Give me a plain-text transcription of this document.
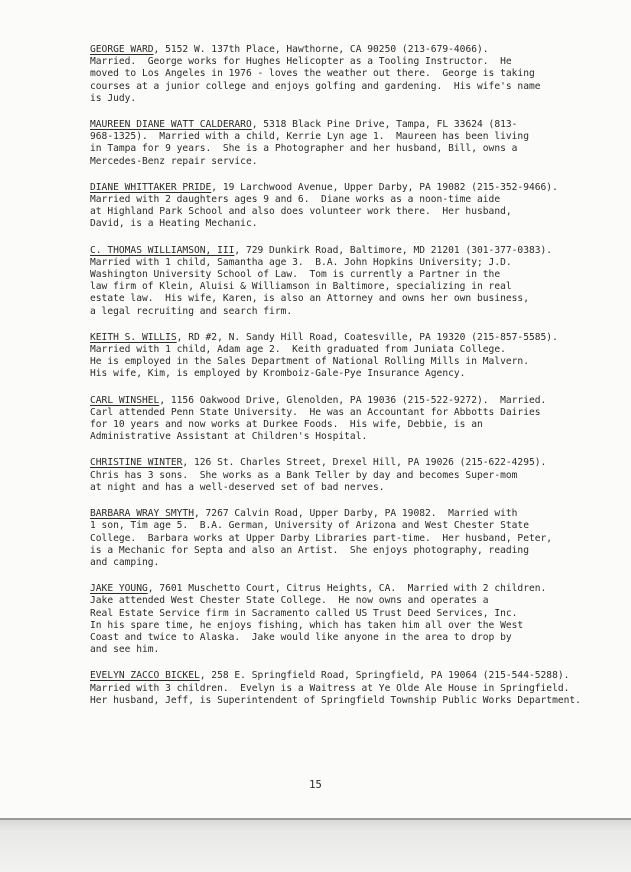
GEORGE WARD, 5152 W. 137th Place, Hawthorne, CA 90250 (213-679-4066).
Married.  George works for Hughes Helicopter as a Tooling Instructor.  He
moved to Los Angeles in 1976 - loves the weather out there.  George is taking
courses at a junior college and enjoys golfing and gardening.  His wife's name
is Judy.
MAUREEN DIANE WATT CALDERARO, 5318 Black Pine Drive, Tampa, FL 33624 (813-
968-1325).  Married with a child, Kerrie Lyn age 1.  Maureen has been living
in Tampa for 9 years.  She is a Photographer and her husband, Bill, owns a
Mercedes-Benz repair service.
DIANE WHITTAKER PRIDE, 19 Larchwood Avenue, Upper Darby, PA 19082 (215-352-9466).
Married with 2 daughters ages 9 and 6.  Diane works as a noon-time aide
at Highland Park School and also does volunteer work there.  Her husband,
David, is a Heating Mechanic.
C. THOMAS WILLIAMSON, III, 729 Dunkirk Road, Baltimore, MD 21201 (301-377-0383).
Married with 1 child, Samantha age 3.  B.A. John Hopkins University; J.D.
Washington University School of Law.  Tom is currently a Partner in the
law firm of Klein, Aluisi & Williamson in Baltimore, specializing in real
estate law.  His wife, Karen, is also an Attorney and owns her own business,
a legal recruiting and search firm.
KEITH S. WILLIS, RD #2, N. Sandy Hill Road, Coatesville, PA 19320 (215-857-5585).
Married with 1 child, Adam age 2.  Keith graduated from Juniata College.
He is employed in the Sales Department of National Rolling Mills in Malvern.
His wife, Kim, is employed by Kromboiz-Gale-Pye Insurance Agency.
CARL WINSHEL, 1156 Oakwood Drive, Glenolden, PA 19036 (215-522-9272).  Married.
Carl attended Penn State University.  He was an Accountant for Abbotts Dairies
for 10 years and now works at Durkee Foods.  His wife, Debbie, is an
Administrative Assistant at Children's Hospital.
CHRISTINE WINTER, 126 St. Charles Street, Drexel Hill, PA 19026 (215-622-4295).
Chris has 3 sons.  She works as a Bank Teller by day and becomes Super-mom
at night and has a well-deserved set of bad nerves.
BARBARA WRAY SMYTH, 7267 Calvin Road, Upper Darby, PA 19082.  Married with
1 son, Tim age 5.  B.A. German, University of Arizona and West Chester State
College.  Barbara works at Upper Darby Libraries part-time.  Her husband, Peter,
is a Mechanic for Septa and also an Artist.  She enjoys photography, reading
and camping.
JAKE YOUNG, 7601 Muschetto Court, Citrus Heights, CA.  Married with 2 children.
Jake attended West Chester State College.  He now owns and operates a
Real Estate Service firm in Sacramento called US Trust Deed Services, Inc.
In his spare time, he enjoys fishing, which has taken him all over the West
Coast and twice to Alaska.  Jake would like anyone in the area to drop by
and see him.
EVELYN ZACCO BICKEL, 258 E. Springfield Road, Springfield, PA 19064 (215-544-5288).
Married with 3 children.  Evelyn is a Waitress at Ye Olde Ale House in Springfield.
Her husband, Jeff, is Superintendent of Springfield Township Public Works Department.
15
